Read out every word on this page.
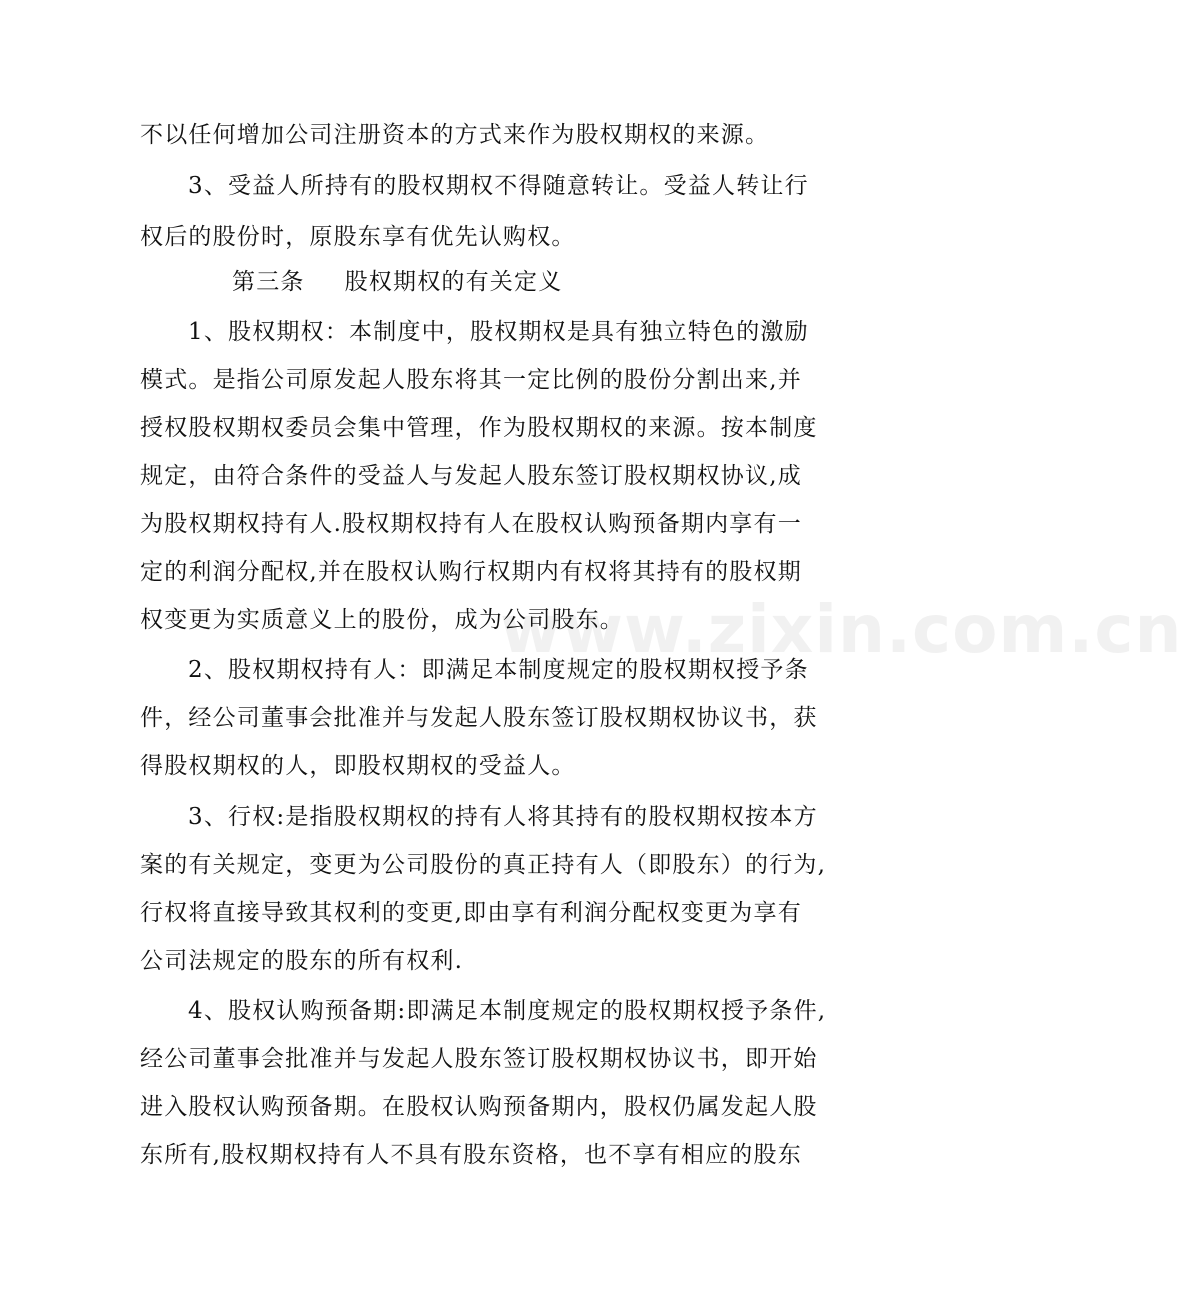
www.zixin.com.cn
不以任何增加公司注册资本的方式来作为股权期权的来源。
3、受益人所持有的股权期权不得随意转让。受益人转让行
权后的股份时，原股东享有优先认购权。
第三条 股权期权的有关定义
1、股权期权：本制度中，股权期权是具有独立特色的激励
模式。是指公司原发起人股东将其一定比例的股份分割出来,并
授权股权期权委员会集中管理，作为股权期权的来源。按本制度
规定，由符合条件的受益人与发起人股东签订股权期权协议,成
为股权期权持有人.股权期权持有人在股权认购预备期内享有一
定的利润分配权,并在股权认购行权期内有权将其持有的股权期
权变更为实质意义上的股份，成为公司股东。
2、股权期权持有人：即满足本制度规定的股权期权授予条
件，经公司董事会批准并与发起人股东签订股权期权协议书，获
得股权期权的人，即股权期权的受益人。
3、行权:是指股权期权的持有人将其持有的股权期权按本方
案的有关规定，变更为公司股份的真正持有人（即股东）的行为,
行权将直接导致其权利的变更,即由享有利润分配权变更为享有
公司法规定的股东的所有权利.
4、股权认购预备期:即满足本制度规定的股权期权授予条件,
经公司董事会批准并与发起人股东签订股权期权协议书，即开始
进入股权认购预备期。在股权认购预备期内，股权仍属发起人股
东所有,股权期权持有人不具有股东资格，也不享有相应的股东
